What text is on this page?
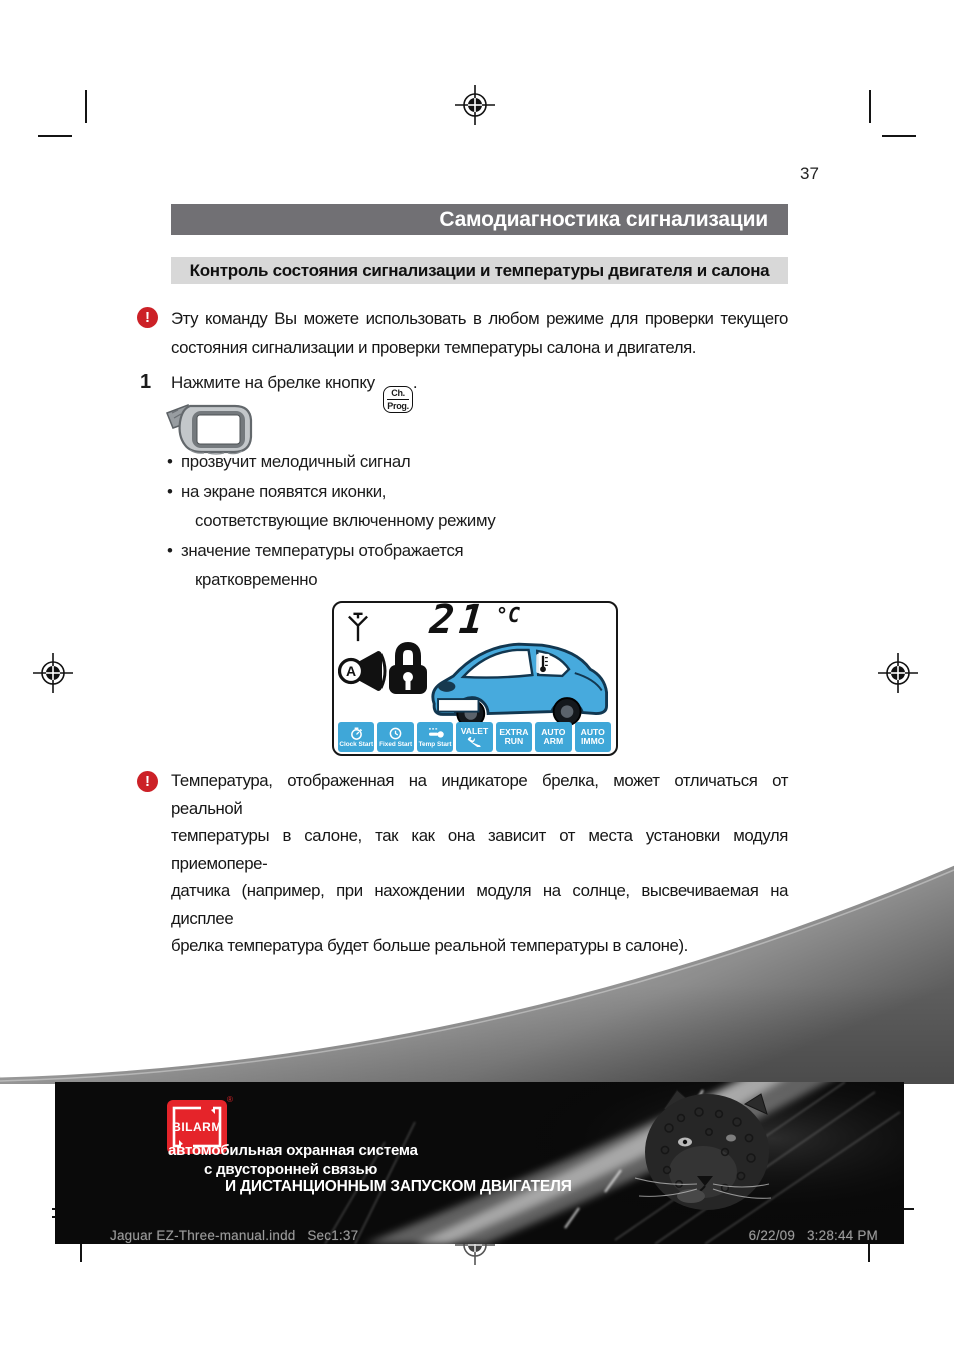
37
Самодиагностика сигнализации
Контроль состояния сигнализации и температуры двигателя и салона
!	Эту команду Вы можете использовать в любом режиме для проверки текущего
состояния сигнализации и проверки температуры салона и двигателя.
1 Нажмите на брелке кнопку
Ch.
Prog.
.
• прозвучит мелодичный сигнал
• на экране появятся иконки,
соответствующие включенному режиму
• значение температуры отображается
кратковременно
21 °C
A
Clock Start Fixed Start Temp Start
VALET	EXTRA RUN
AUTO ARM
AUTO IMMO
!	Температура, отображенная на индикаторе брелка, может отличаться от реальной
температуры в салоне, так как она зависит от места установки модуля приемопере-
датчика (например, при нахождении модуля на солнце, высвечиваемая на дисплее
брелка температура будет больше реальной температуры в салоне).
BILARM
®
автомобильная охранная система
с двусторонней связью
И ДИСТАНЦИОННЫМ ЗАПУСКОМ ДВИГАТЕЛЯ
Jaguar EZ-Three-manual.indd   Sec1:37	6/22/09   3:28:44 PM
